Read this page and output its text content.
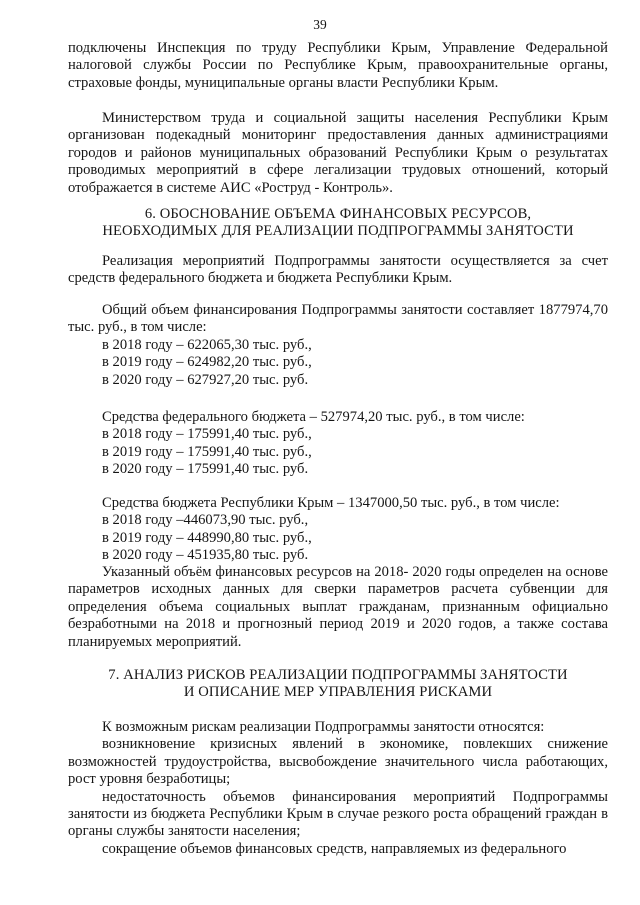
39

подключены Инспекция по труду Республики Крым, Управление Федеральной налоговой службы России по Республике Крым, правоохранительные органы, страховые фонды, муниципальные органы власти Республики Крым.

Министерством труда и социальной защиты населения Республики Крым организован подекадный мониторинг предоставления данных администрациями городов и районов муниципальных образований Республики Крым о результатах проводимых мероприятий в сфере легализации трудовых отношений, который отображается в системе АИС «Роструд - Контроль».

6. ОБОСНОВАНИЕ ОБЪЕМА ФИНАНСОВЫХ РЕСУРСОВ,

НЕОБХОДИМЫХ ДЛЯ РЕАЛИЗАЦИИ ПОДПРОГРАММЫ ЗАНЯТОСТИ

Реализация мероприятий Подпрограммы занятости осуществляется за счет средств федерального бюджета и бюджета Республики Крым.

Общий объем финансирования Подпрограммы занятости составляет 1877974,70 тыс. руб., в том числе:

в 2018 году – 622065,30 тыс. руб.,

в 2019 году – 624982,20 тыс. руб.,

в 2020 году – 627927,20 тыс. руб.

Средства федерального бюджета – 527974,20 тыс. руб., в том числе:

в 2018 году – 175991,40 тыс. руб.,

в 2019 году – 175991,40 тыс. руб.,

в 2020 году – 175991,40 тыс. руб.

Средства бюджета Республики Крым – 1347000,50 тыс. руб., в том числе:

в 2018 году –446073,90 тыс. руб.,

в 2019 году – 448990,80 тыс. руб.,

в 2020 году – 451935,80 тыс. руб.

Указанный объём финансовых ресурсов на 2018- 2020 годы определен на основе параметров исходных данных для сверки параметров расчета субвенции для определения объема социальных выплат гражданам, признанным официально безработными на 2018 и прогнозный период 2019 и 2020 годов, а также состава планируемых мероприятий.

7. АНАЛИЗ РИСКОВ РЕАЛИЗАЦИИ ПОДПРОГРАММЫ ЗАНЯТОСТИ

И ОПИСАНИЕ МЕР УПРАВЛЕНИЯ РИСКАМИ

К возможным рискам реализации Подпрограммы занятости относятся:

возникновение кризисных явлений в экономике, повлекших снижение возможностей трудоустройства, высвобождение значительного числа работающих, рост уровня безработицы;

недостаточность объемов финансирования мероприятий Подпрограммы занятости из бюджета Республики Крым в случае резкого роста обращений граждан в органы службы занятости населения;

сокращение объемов финансовых средств, направляемых из федерального
